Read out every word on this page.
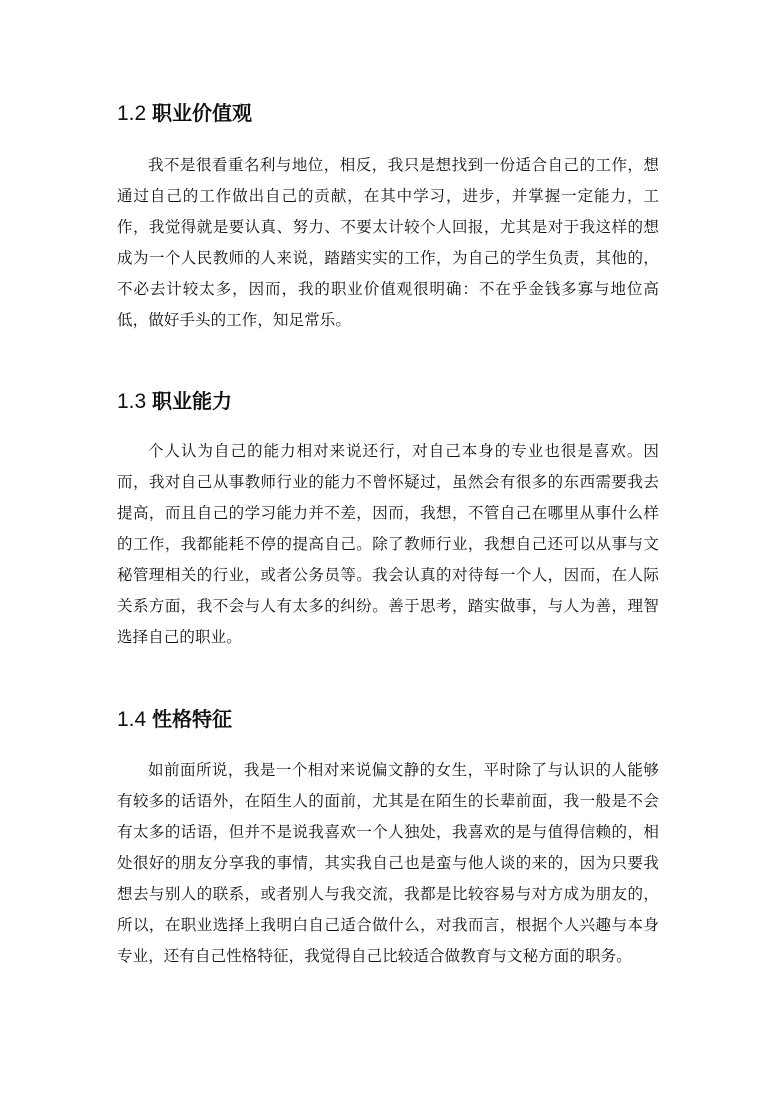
1.2 职业价值观

我不是很看重名利与地位，相反，我只是想找到一份适合自己的工作，想通过自己的工作做出自己的贡献，在其中学习，进步，并掌握一定能力，工作，我觉得就是要认真、努力、不要太计较个人回报，尤其是对于我这样的想成为一个人民教师的人来说，踏踏实实的工作，为自己的学生负责，其他的，不必去计较太多，因而，我的职业价值观很明确：不在乎金钱多寡与地位高低，做好手头的工作，知足常乐。

1.3 职业能力

个人认为自己的能力相对来说还行，对自己本身的专业也很是喜欢。因而，我对自己从事教师行业的能力不曾怀疑过，虽然会有很多的东西需要我去提高，而且自己的学习能力并不差，因而，我想，不管自己在哪里从事什么样的工作，我都能耗不停的提高自己。除了教师行业，我想自己还可以从事与文秘管理相关的行业，或者公务员等。我会认真的对待每一个人，因而，在人际关系方面，我不会与人有太多的纠纷。善于思考，踏实做事，与人为善，理智选择自己的职业。

1.4 性格特征

如前面所说，我是一个相对来说偏文静的女生，平时除了与认识的人能够有较多的话语外，在陌生人的面前，尤其是在陌生的长辈前面，我一般是不会有太多的话语，但并不是说我喜欢一个人独处，我喜欢的是与值得信赖的，相处很好的朋友分享我的事情，其实我自己也是蛮与他人谈的来的，因为只要我想去与别人的联系，或者别人与我交流，我都是比较容易与对方成为朋友的，所以，在职业选择上我明白自己适合做什么，对我而言，根据个人兴趣与本身专业，还有自己性格特征，我觉得自己比较适合做教育与文秘方面的职务。
